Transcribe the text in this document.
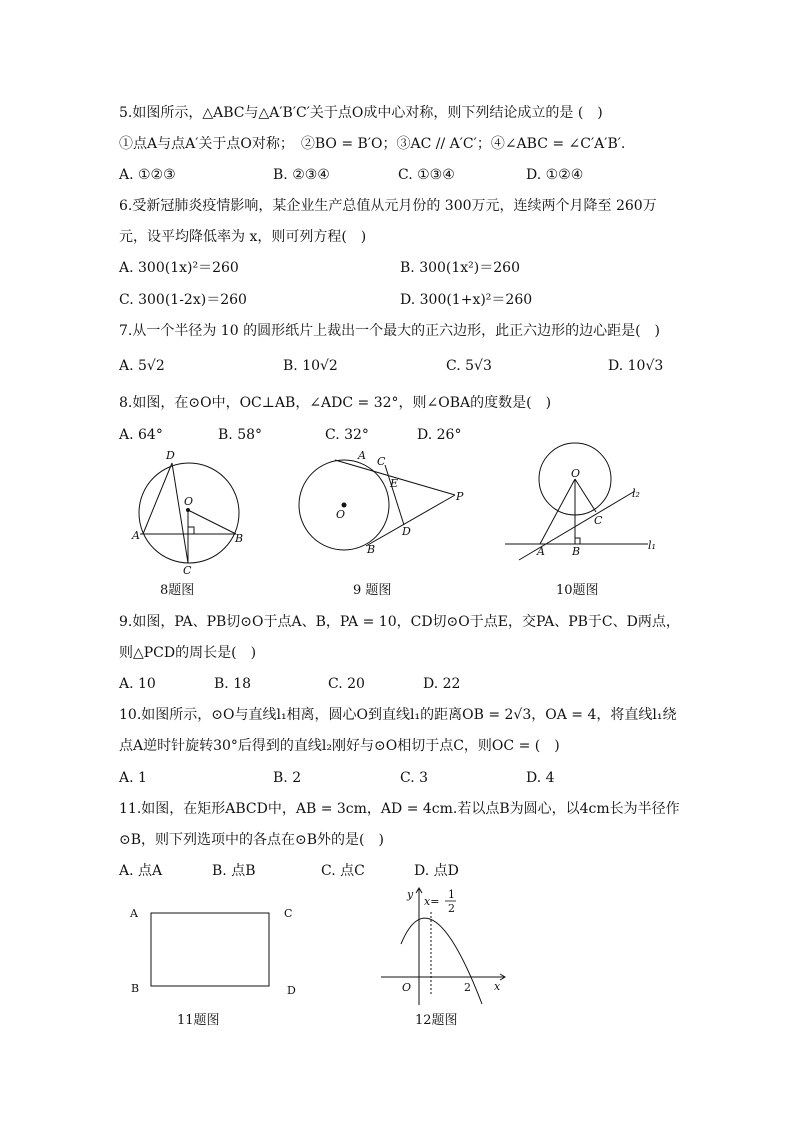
5.如图所示，△ABC与△A′B′C′关于点O成中心对称，则下列结论成立的是 (　)
①点A与点A′关于点O对称；　②BO = B′O；③AC // A′C′；④∠ABC = ∠C′A′B′.
A. ①②③	B. ②③④	C. ①③④	D. ①②④
6.受新冠肺炎疫情影响，某企业生产总值从元月份的 300万元，连续两个月降至 260万
元，设平均降低率为 x，则可列方程(　)
A. 300(1x)²＝260	B. 300(1x²)＝260
C. 300(1-2x)＝260	D. 300(1+x)²＝260
7.从一个半径为 10 的圆形纸片上裁出一个最大的正六边形，此正六边形的边心距是(　)
A. 5√2	B. 10√2	C. 5√3	D. 10√3
8.如图，在⊙O中，OC⊥AB，∠ADC = 32°，则∠OBA的度数是(　)
A. 64°	B. 58°	C. 32°	D. 26°
D
O
A	B
C
A C
E
P
O
D
B
O
l₂
C
A B	l₁
A	C
B	D
y
x=
1
2
O	2 x
8题图	9 题图	10题图
9.如图，PA、PB切⊙O于点A、B，PA = 10，CD切⊙O于点E，交PA、PB于C、D两点，
则△PCD的周长是(　)
A. 10	B. 18	C. 20	D. 22
10.如图所示，⊙O与直线l₁相离，圆心O到直线l₁的距离OB = 2√3，OA = 4，将直线l₁绕
点A逆时针旋转30°后得到的直线l₂刚好与⊙O相切于点C，则OC = (　)
A. 1	B. 2	C. 3	D. 4
11.如图，在矩形ABCD中，AB = 3cm，AD = 4cm.若以点B为圆心，以4cm长为半径作
⊙B，则下列选项中的各点在⊙B外的是(　)
A. 点A	B. 点B	C. 点C	D. 点D
11题图	12题图
